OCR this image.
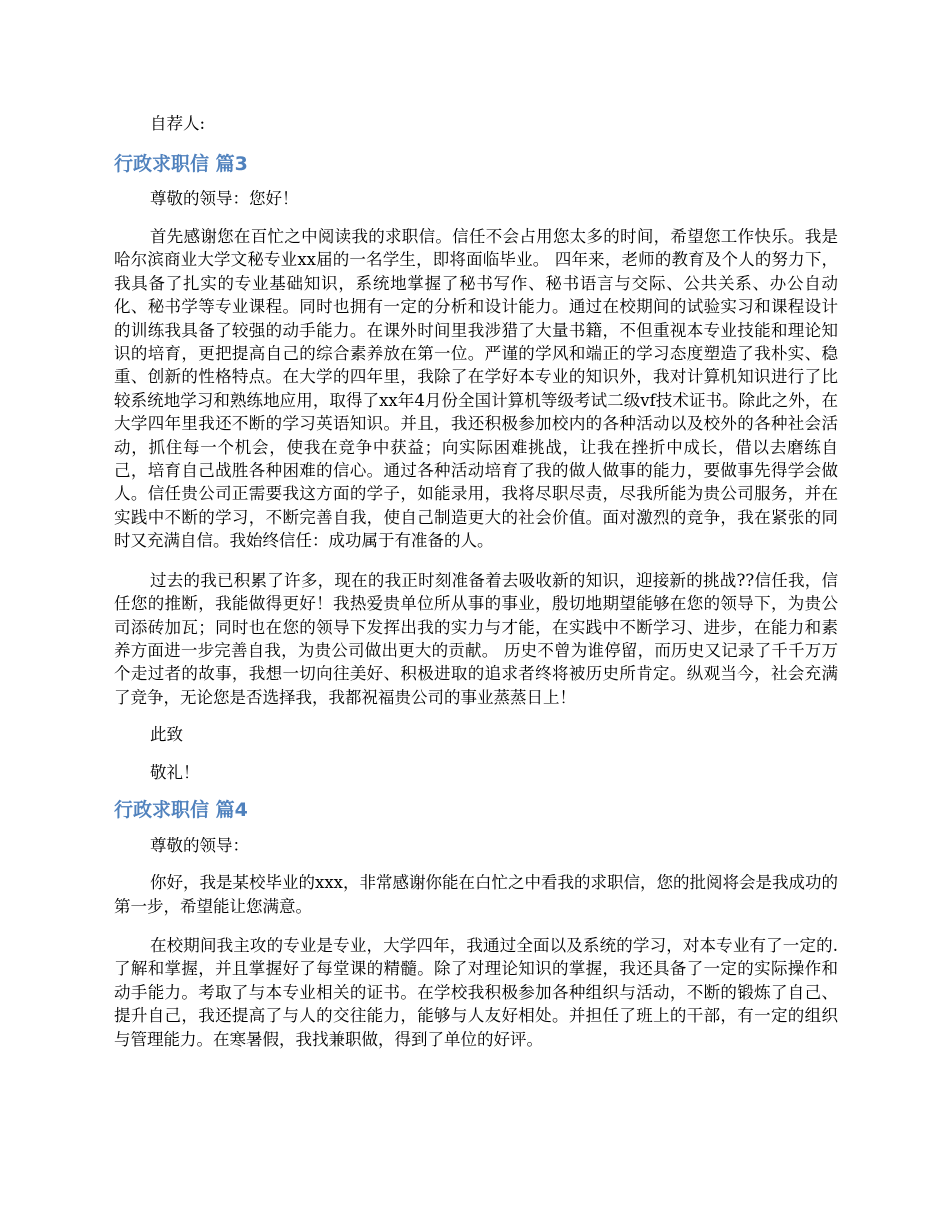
自荐人:

行政求职信 篇3

尊敬的领导：您好！

首先感谢您在百忙之中阅读我的求职信。信任不会占用您太多的时间，希望您工作快乐。我是哈尔滨商业大学文秘专业xx届的一名学生，即将面临毕业。 四年来，老师的教育及个人的努力下，我具备了扎实的专业基础知识，系统地掌握了秘书写作、秘书语言与交际、公共关系、办公自动化、秘书学等专业课程。同时也拥有一定的分析和设计能力。通过在校期间的试验实习和课程设计的训练我具备了较强的动手能力。在课外时间里我涉猎了大量书籍，不但重视本专业技能和理论知识的培育，更把提高自己的综合素养放在第一位。严谨的学风和端正的学习态度塑造了我朴实、稳重、创新的性格特点。在大学的四年里，我除了在学好本专业的知识外，我对计算机知识进行了比较系统地学习和熟练地应用，取得了xx年4月份全国计算机等级考试二级vf技术证书。除此之外，在大学四年里我还不断的学习英语知识。并且，我还积极参加校内的各种活动以及校外的各种社会活动，抓住每一个机会，使我在竞争中获益；向实际困难挑战，让我在挫折中成长，借以去磨练自己，培育自己战胜各种困难的信心。通过各种活动培育了我的做人做事的能力，要做事先得学会做人。信任贵公司正需要我这方面的学子，如能录用，我将尽职尽责，尽我所能为贵公司服务，并在实践中不断的学习，不断完善自我，使自己制造更大的社会价值。面对激烈的竞争，我在紧张的同时又充满自信。我始终信任：成功属于有准备的人。

过去的我已积累了许多，现在的我正时刻准备着去吸收新的知识，迎接新的挑战??信任我，信任您的推断，我能做得更好！我热爱贵单位所从事的事业，殷切地期望能够在您的领导下，为贵公司添砖加瓦；同时也在您的领导下发挥出我的实力与才能，在实践中不断学习、进步，在能力和素养方面进一步完善自我，为贵公司做出更大的贡献。 历史不曾为谁停留，而历史又记录了千千万万个走过者的故事，我想一切向往美好、积极进取的追求者终将被历史所肯定。纵观当今，社会充满了竞争，无论您是否选择我，我都祝福贵公司的事业蒸蒸日上！

此致

敬礼！

行政求职信 篇4

尊敬的领导：

你好，我是某校毕业的xxx，非常感谢你能在白忙之中看我的求职信，您的批阅将会是我成功的第一步，希望能让您满意。

在校期间我主攻的专业是专业，大学四年，我通过全面以及系统的学习，对本专业有了一定的.了解和掌握，并且掌握好了每堂课的精髓。除了对理论知识的掌握，我还具备了一定的实际操作和动手能力。考取了与本专业相关的证书。在学校我积极参加各种组织与活动，不断的锻炼了自己、提升自己，我还提高了与人的交往能力，能够与人友好相处。并担任了班上的干部，有一定的组织与管理能力。在寒暑假，我找兼职做，得到了单位的好评。
